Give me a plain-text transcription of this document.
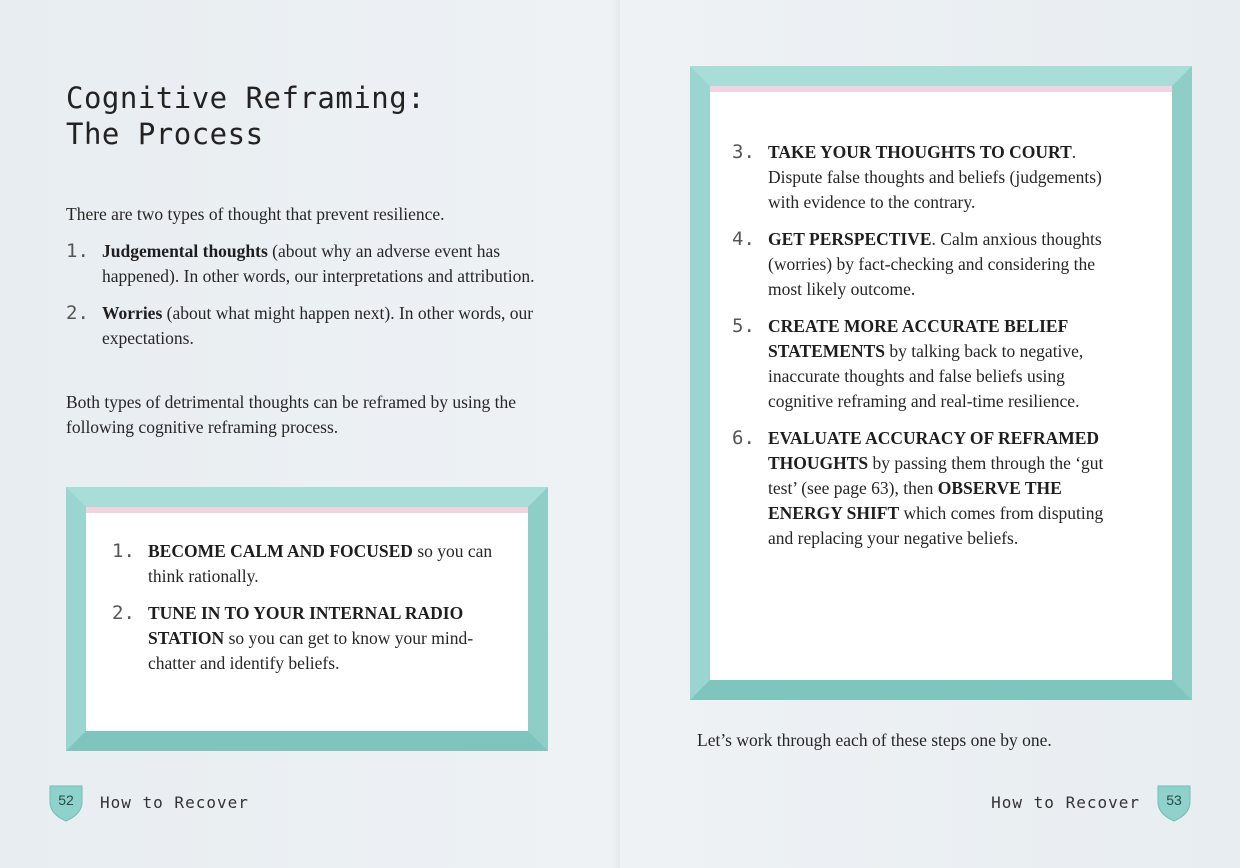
Cognitive Reframing:
The Process

There are two types of thought that prevent resilience.

1. Judgemental thoughts (about why an adverse event has happened). In other words, our interpretations and attribution.
2. Worries (about what might happen next). In other words, our expectations.

Both types of detrimental thoughts can be reframed by using the following cognitive reframing process.

1. BECOME CALM AND FOCUSED so you can think rationally.
2. TUNE IN TO YOUR INTERNAL RADIO STATION so you can get to know your mind-chatter and identify beliefs.
52	How to Recover
3. TAKE YOUR THOUGHTS TO COURT. Dispute false thoughts and beliefs (judgements) with evidence to the contrary.
4. GET PERSPECTIVE. Calm anxious thoughts (worries) by fact-checking and considering the most likely outcome.
5. CREATE MORE ACCURATE BELIEF STATEMENTS by talking back to negative, inaccurate thoughts and false beliefs using cognitive reframing and real-time resilience.
6. EVALUATE ACCURACY OF REFRAMED THOUGHTS by passing them through the ‘gut test’ (see page 63), then OBSERVE THE ENERGY SHIFT which comes from disputing and replacing your negative beliefs.

Let’s work through each of these steps one by one.

How to Recover	53
